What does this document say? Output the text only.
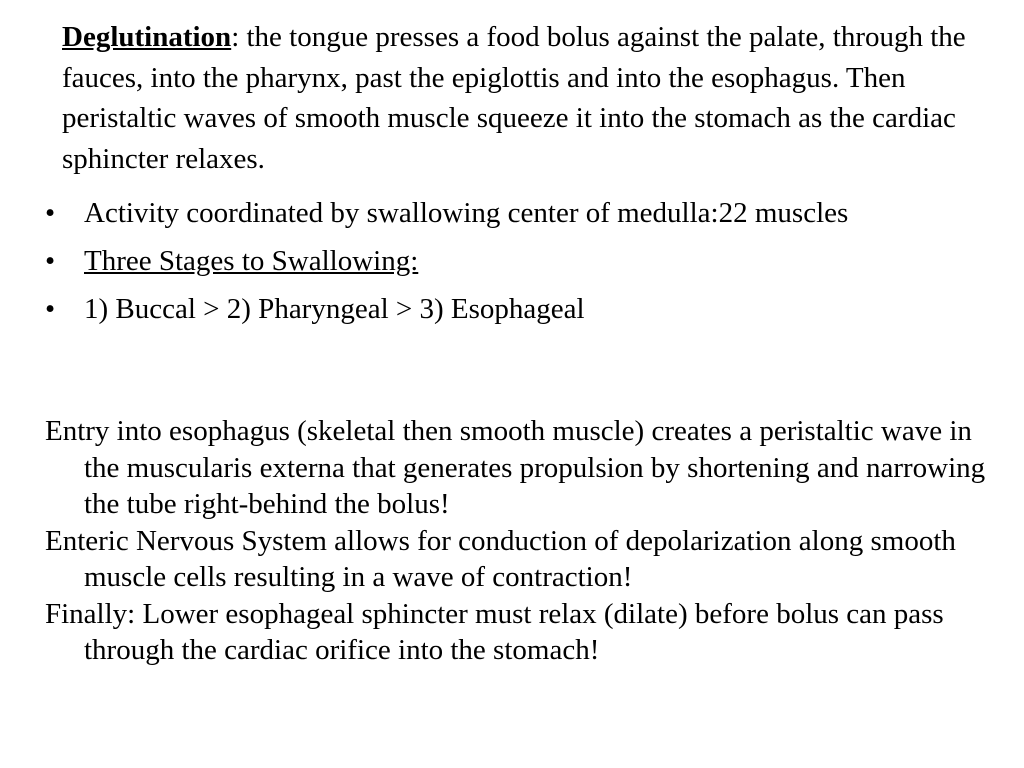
Deglutination: the tongue presses a food bolus against the palate, through the fauces, into the pharynx, past the epiglottis and into the esophagus. Then peristaltic waves of smooth muscle squeeze it into the stomach as the cardiac sphincter relaxes.
• Activity coordinated by swallowing center of medulla:22 muscles
• Three Stages to Swallowing:
• 1) Buccal > 2) Pharyngeal > 3) Esophageal

Entry into esophagus (skeletal then smooth muscle) creates a peristaltic wave in the muscularis externa that generates propulsion by shortening and narrowing the tube right-behind the bolus!

Enteric Nervous System allows for conduction of depolarization along smooth muscle cells resulting in a wave of contraction!

Finally: Lower esophageal sphincter must relax (dilate) before bolus can pass through the cardiac orifice into the stomach!
